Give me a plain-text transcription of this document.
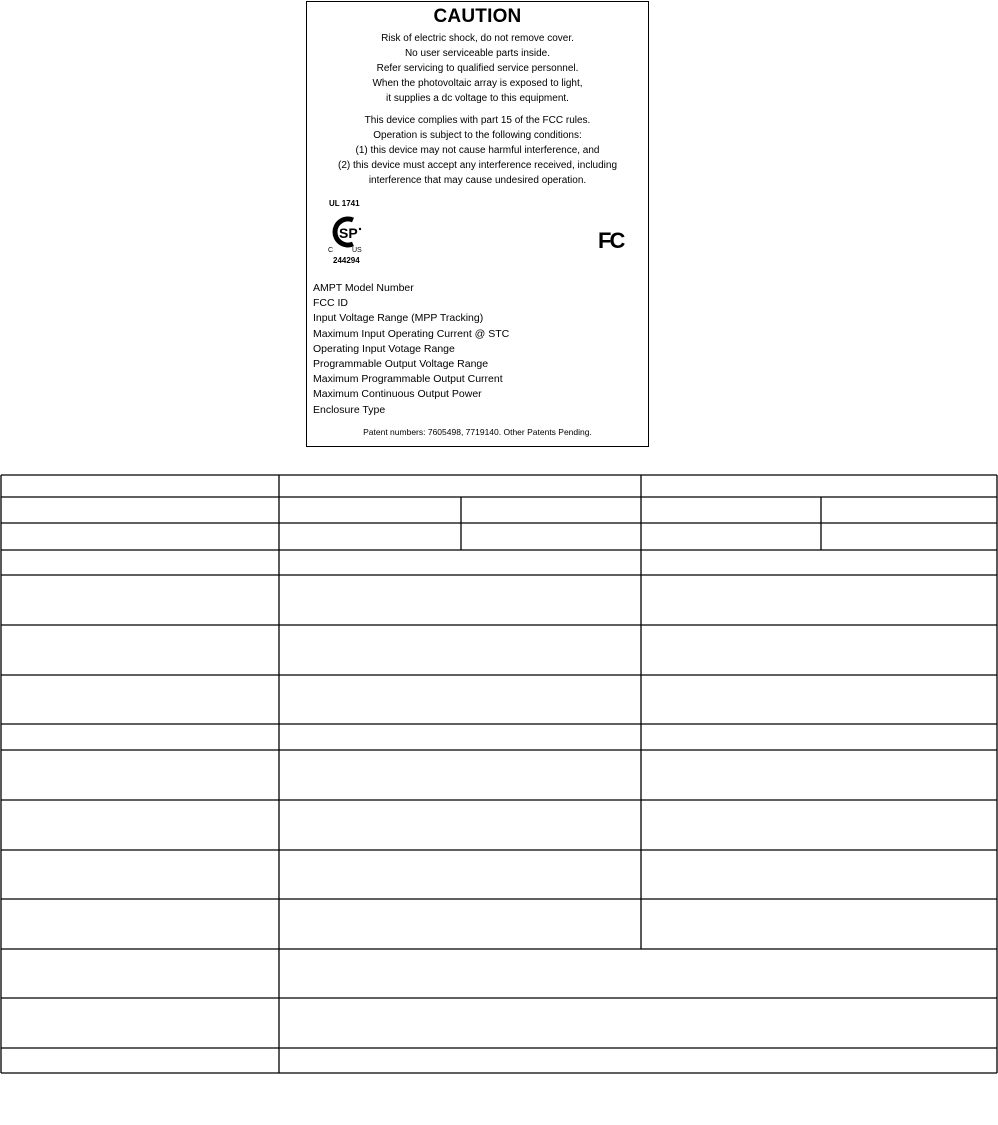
CAUTION
Risk of electric shock, do not remove cover.
No user serviceable parts inside.
Refer servicing to qualified service personnel.
When the photovoltaic array is exposed to light,
it supplies a dc voltage to this equipment.
This device complies with part 15 of the FCC rules.
Operation is subject to the following conditions:
(1) this device may not cause harmful interference, and
(2) this device must accept any interference received, including
interference that may cause undesired operation.
UL 1741
SP
C	US
244294
FC
AMPT Model Number
FCC ID
Input Voltage Range (MPP Tracking)
Maximum Input Operating Current @ STC
Operating Input Votage Range
Programmable Output Voltage Range
Maximum Programmable Output Current
Maximum Continuous Output Power
Enclosure Type
Patent numbers: 7605498, 7719140. Other Patents Pending.
